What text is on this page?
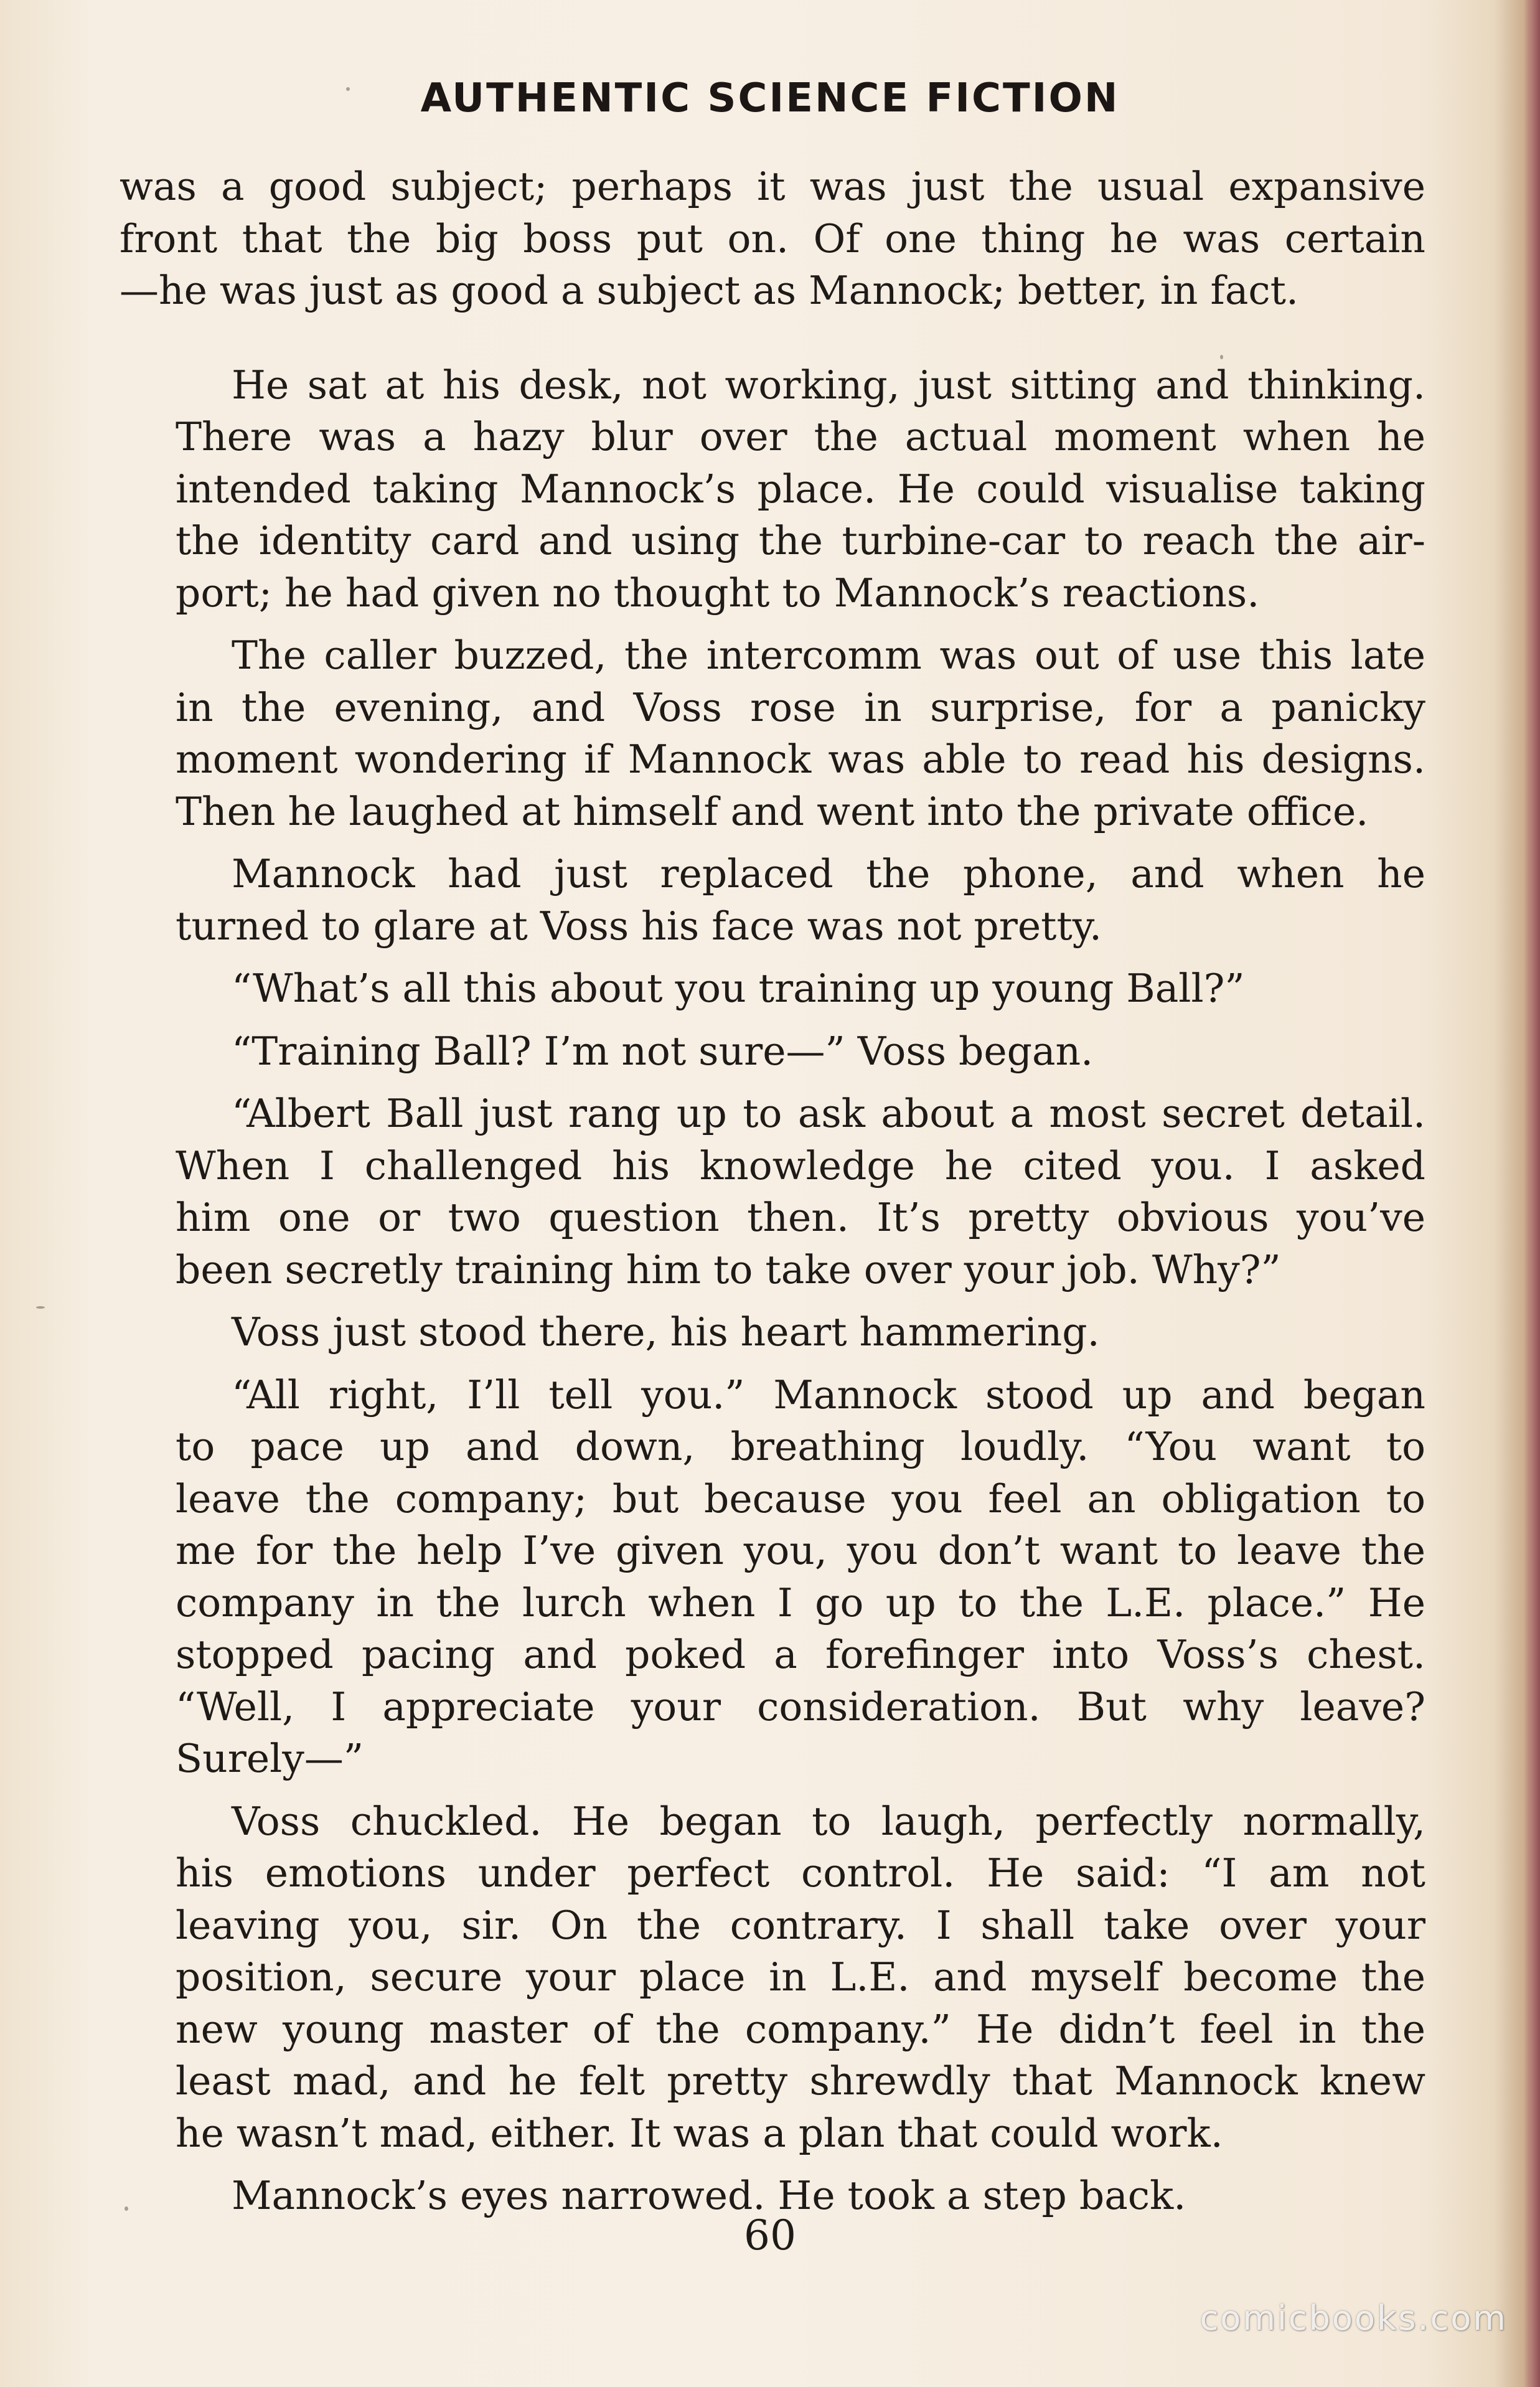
AUTHENTIC SCIENCE FICTION
was a good subject; perhaps it was just the usual expansive
front that the big boss put on. Of one thing he was certain
—he was just as good a subject as Mannock; better, in fact.
He sat at his desk, not working, just sitting and thinking.
There was a hazy blur over the actual moment when he
intended taking Mannock’s place. He could visualise taking
the identity card and using the turbine-car to reach the air-
port; he had given no thought to Mannock’s reactions.
The caller buzzed, the intercomm was out of use this late
in the evening, and Voss rose in surprise, for a panicky
moment wondering if Mannock was able to read his designs.
Then he laughed at himself and went into the private office.
Mannock had just replaced the phone, and when he
turned to glare at Voss his face was not pretty.
“What’s all this about you training up young Ball?”
“Training Ball? I’m not sure—” Voss began.
“Albert Ball just rang up to ask about a most secret detail.
When I challenged his knowledge he cited you. I asked
him one or two question then. It’s pretty obvious you’ve
been secretly training him to take over your job. Why?”
Voss just stood there, his heart hammering.
“All right, I’ll tell you.” Mannock stood up and began
to pace up and down, breathing loudly. “You want to
leave the company; but because you feel an obligation to
me for the help I’ve given you, you don’t want to leave the
company in the lurch when I go up to the L.E. place.” He
stopped pacing and poked a forefinger into Voss’s chest.
“Well, I appreciate your consideration. But why leave?
Surely—”
Voss chuckled. He began to laugh, perfectly normally,
his emotions under perfect control. He said: “I am not
leaving you, sir. On the contrary. I shall take over your
position, secure your place in L.E. and myself become the
new young master of the company.” He didn’t feel in the
least mad, and he felt pretty shrewdly that Mannock knew
he wasn’t mad, either. It was a plan that could work.
Mannock’s eyes narrowed. He took a step back.

60

comicbooks.com
